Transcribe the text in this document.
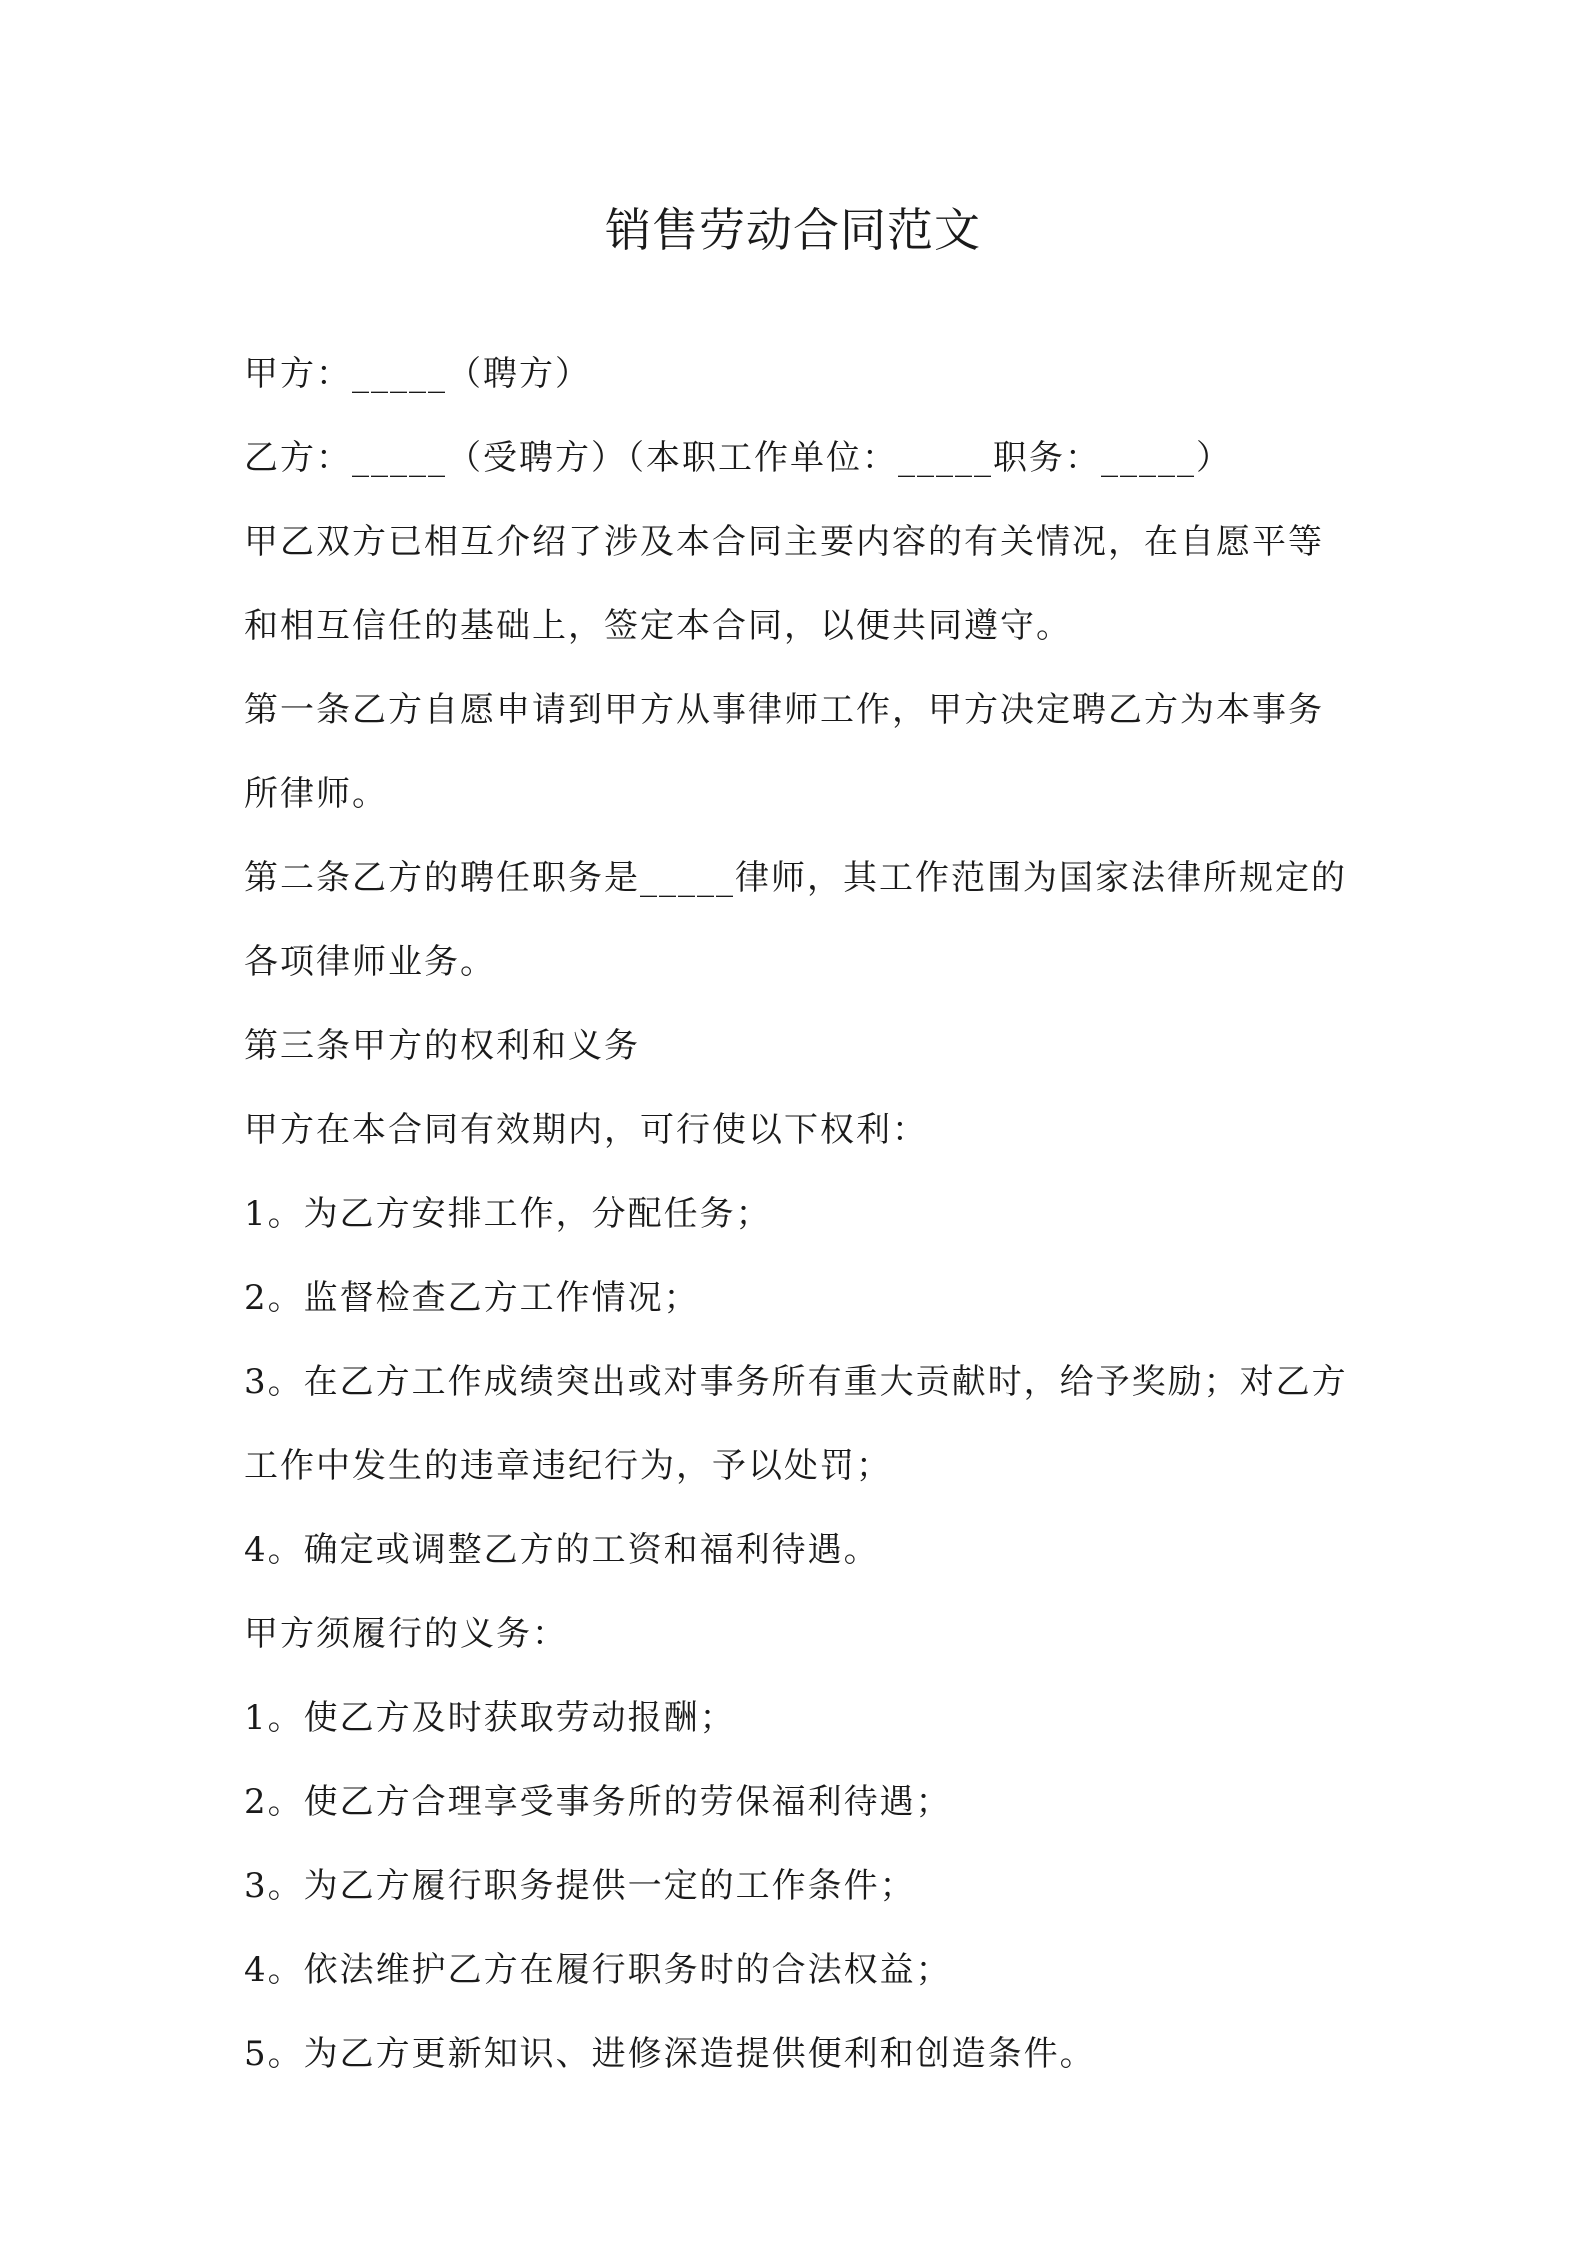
销售劳动合同范文

甲方：_____（聘方）

乙方：_____（受聘方）（本职工作单位：_____职务：_____）

甲乙双方已相互介绍了涉及本合同主要内容的有关情况，在自愿平等和相互信任的基础上，签定本合同，以便共同遵守。

第一条乙方自愿申请到甲方从事律师工作，甲方决定聘乙方为本事务所律师。

第二条乙方的聘任职务是_____律师，其工作范围为国家法律所规定的各项律师业务。

第三条甲方的权利和义务

甲方在本合同有效期内，可行使以下权利：

1。为乙方安排工作，分配任务；

2。监督检查乙方工作情况；

3。在乙方工作成绩突出或对事务所有重大贡献时，给予奖励；对乙方工作中发生的违章违纪行为，予以处罚；

4。确定或调整乙方的工资和福利待遇。

甲方须履行的义务：

1。使乙方及时获取劳动报酬；

2。使乙方合理享受事务所的劳保福利待遇；

3。为乙方履行职务提供一定的工作条件；

4。依法维护乙方在履行职务时的合法权益；

5。为乙方更新知识、进修深造提供便利和创造条件。
